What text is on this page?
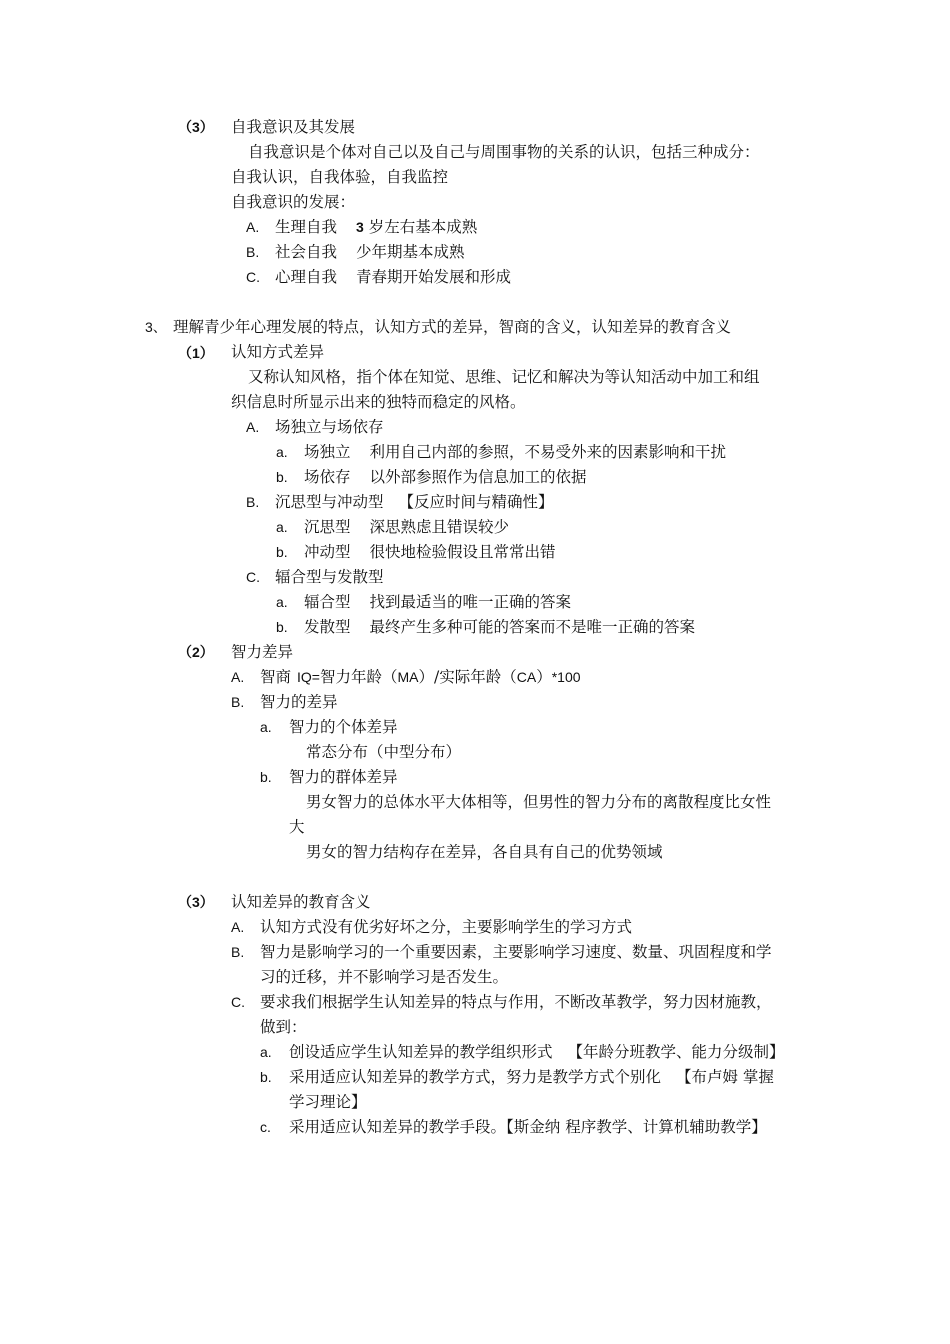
（3） 自我意识及其发展
自我意识是个体对自己以及自己与周围事物的关系的认识，包括三种成分：
自我认识，自我体验，自我监控
自我意识的发展：
A. 生理自我 3 岁左右基本成熟
B. 社会自我 少年期基本成熟
C. 心理自我 青春期开始发展和形成
3、 理解青少年心理发展的特点，认知方式的差异，智商的含义，认知差异的教育含义
（1） 认知方式差异
又称认知风格，指个体在知觉、思维、记忆和解决为等认知活动中加工和组
织信息时所显示出来的独特而稳定的风格。
A. 场独立与场依存
a. 场独立 利用自己内部的参照，不易受外来的因素影响和干扰
b. 场依存 以外部参照作为信息加工的依据
B. 沉思型与冲动型 【反应时间与精确性】
a. 沉思型 深思熟虑且错误较少
b. 冲动型 很快地检验假设且常常出错
C. 辐合型与发散型
a. 辐合型 找到最适当的唯一正确的答案
b. 发散型 最终产生多种可能的答案而不是唯一正确的答案
（2） 智力差异
A. 智商 IQ=智力年龄（MA）/实际年龄（CA）*100
B. 智力的差异
a. 智力的个体差异
常态分布（中型分布）
b. 智力的群体差异
男女智力的总体水平大体相等，但男性的智力分布的离散程度比女性
大
男女的智力结构存在差异，各自具有自己的优势领域
（3） 认知差异的教育含义
A. 认知方式没有优劣好坏之分，主要影响学生的学习方式
B. 智力是影响学习的一个重要因素，主要影响学习速度、数量、巩固程度和学
习的迁移，并不影响学习是否发生。
C. 要求我们根据学生认知差异的特点与作用，不断改革教学，努力因材施教，
做到：
a. 创设适应学生认知差异的教学组织形式 【年龄分班教学、能力分级制】
b. 采用适应认知差异的教学方式，努力是教学方式个别化 【布卢姆 掌握
学习理论】
c. 采用适应认知差异的教学手段。【斯金纳 程序教学、计算机辅助教学】
